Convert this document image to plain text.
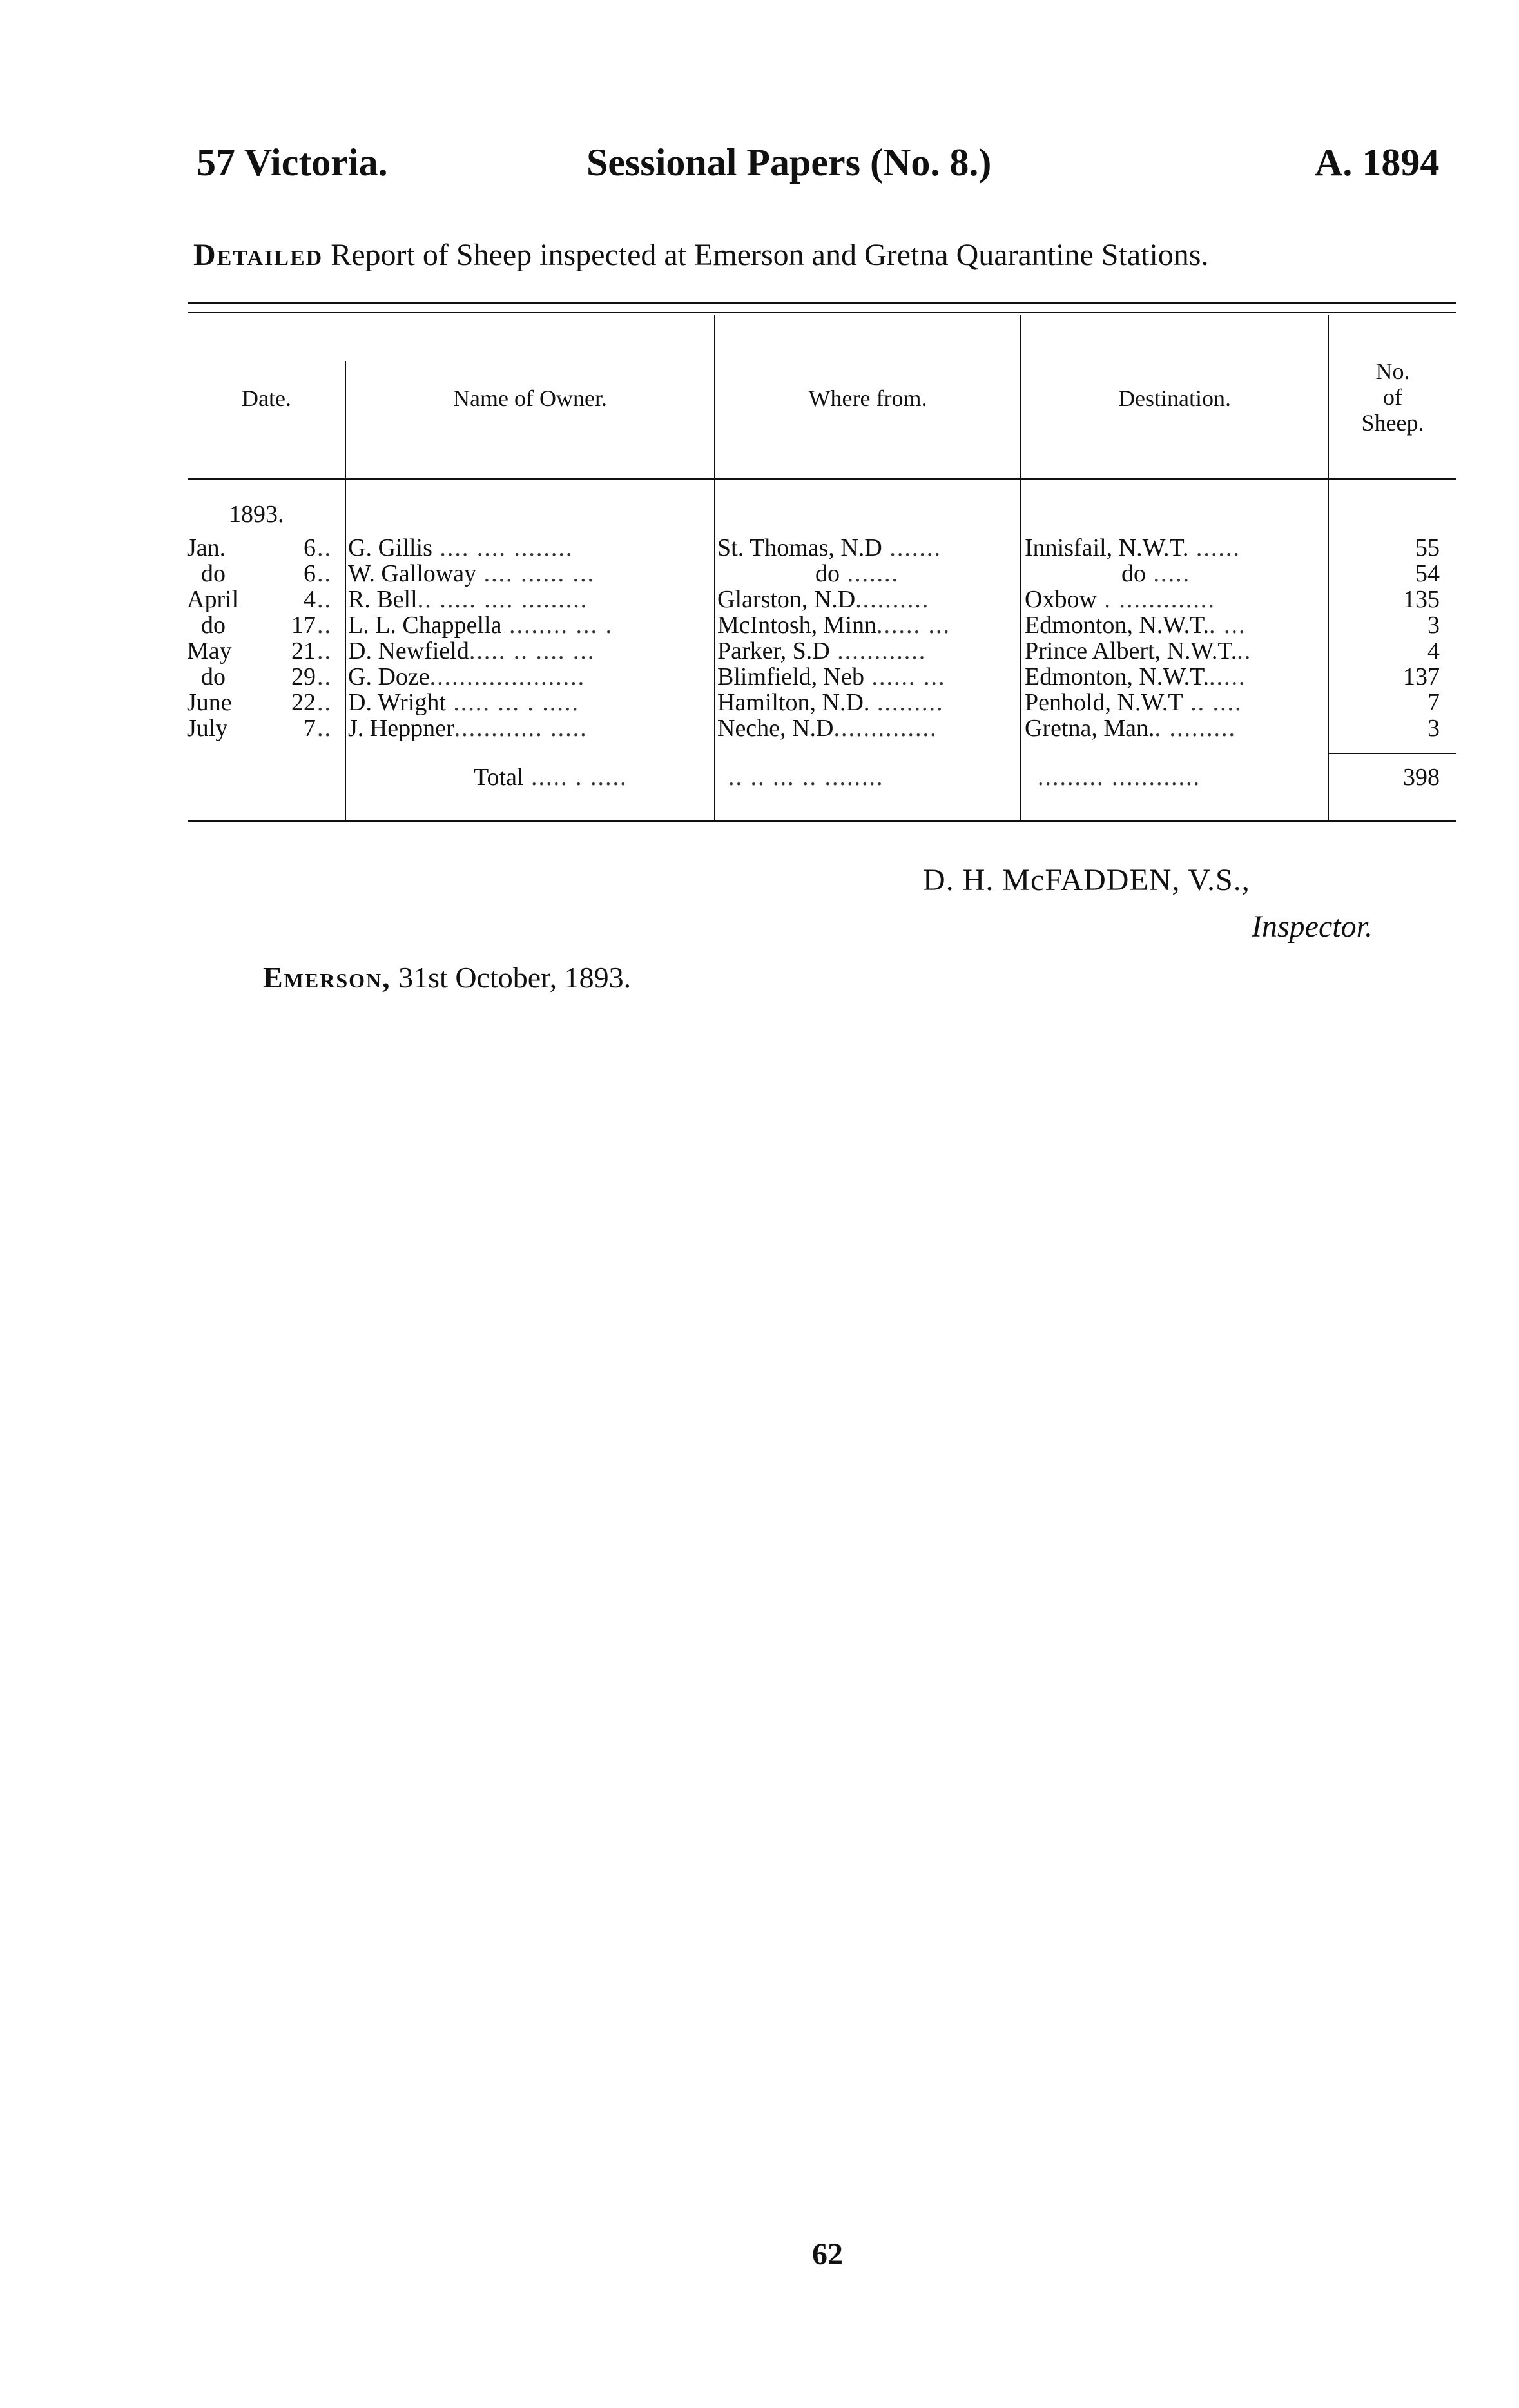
57 Victoria.	Sessional Papers (No. 8.)	A. 1894
Detailed Report of Sheep inspected at Emerson and Gretna Quarantine Stations.
Date.	Name of Owner.	Where from.	Destination.
No.
of
Sheep.
1893.
Jan.	6 .. G. Gillis .... .... ........	St. Thomas, N.D .......	Innisfail, N.W.T. ......	55
do	6 .. W. Galloway .... ...... ...	do .......	do .....	54
April	4 .. R. Bell.. ..... .... .........	Glarston, N.D..........	Oxbow . .............	135
do	17 .. L. L. Chappella ........ ... .	McIntosh, Minn...... ...	Edmonton, N.W.T.. ...	3
May	21 .. D. Newfield..... .. .... ...	Parker, S.D ............	Prince Albert, N.W.T...	4
do	29 .. G. Doze.....................	Blimfield, Neb ...... ...	Edmonton, N.W.T......	137
June	22 .. D. Wright ..... ... . .....	Hamilton, N.D. .........	Penhold, N.W.T .. ....	7
July	7 .. J. Heppner............ .....	Neche, N.D..............	Gretna, Man.. .........	3
Total ..... . .....	.. .. ... .. ........	......... ............	398
D. H. McFADDEN, V.S.,
Inspector.
Emerson, 31st October, 1893.
62
